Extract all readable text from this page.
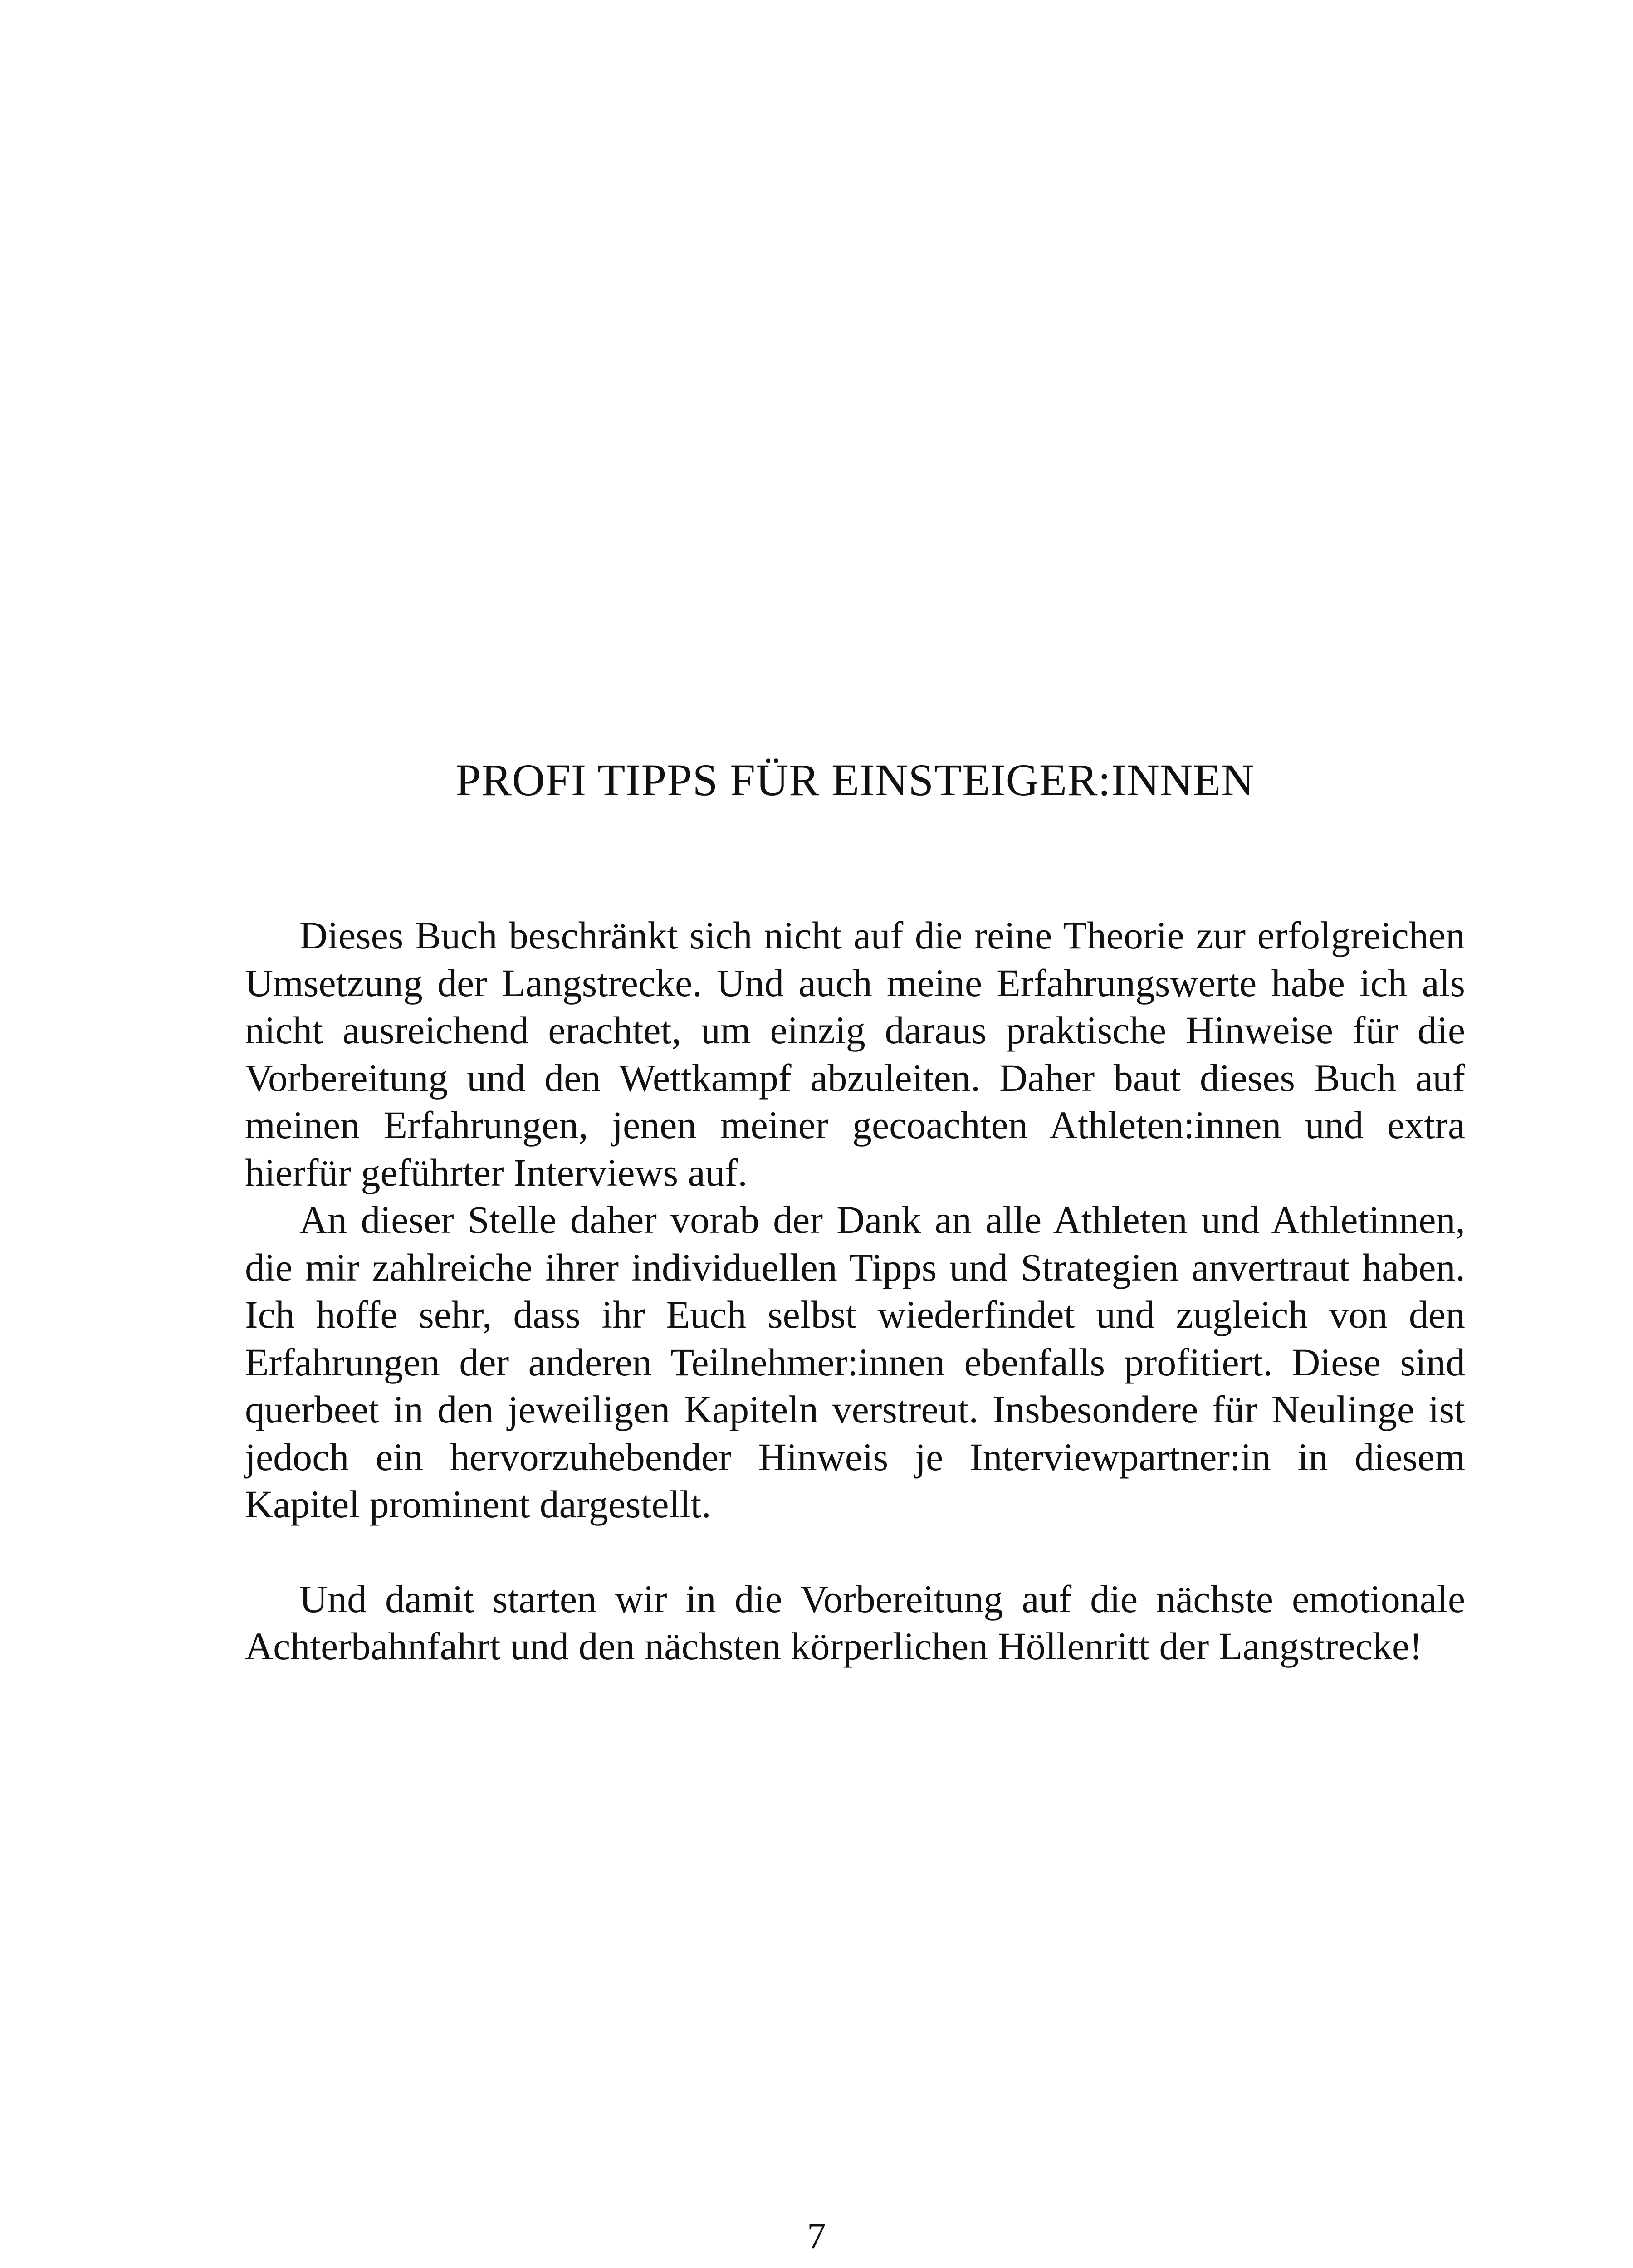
PROFI TIPPS FÜR EINSTEIGER:INNEN

Dieses Buch beschränkt sich nicht auf die reine Theorie zur erfolgreichen Umsetzung der Langstrecke. Und auch meine Erfahrungswerte habe ich als nicht ausreichend erachtet, um einzig daraus praktische Hinweise für die Vorbereitung und den Wettkampf abzuleiten. Daher baut dieses Buch auf meinen Erfahrungen, jenen meiner gecoachten Athleten:innen und extra hierfür geführter Interviews auf.

An dieser Stelle daher vorab der Dank an alle Athleten und Athletinnen, die mir zahlreiche ihrer individuellen Tipps und Strategien anvertraut haben. Ich hoffe sehr, dass ihr Euch selbst wiederfindet und zugleich von den Erfahrungen der anderen Teilnehmer:innen ebenfalls profitiert. Diese sind querbeet in den jeweiligen Kapiteln verstreut. Insbesondere für Neulinge ist jedoch ein hervorzuhebender Hinweis je Interviewpartner:in in diesem Kapitel prominent dargestellt.

Und damit starten wir in die Vorbereitung auf die nächste emotionale Achterbahnfahrt und den nächsten körperlichen Höllenritt der Langstrecke!

7
